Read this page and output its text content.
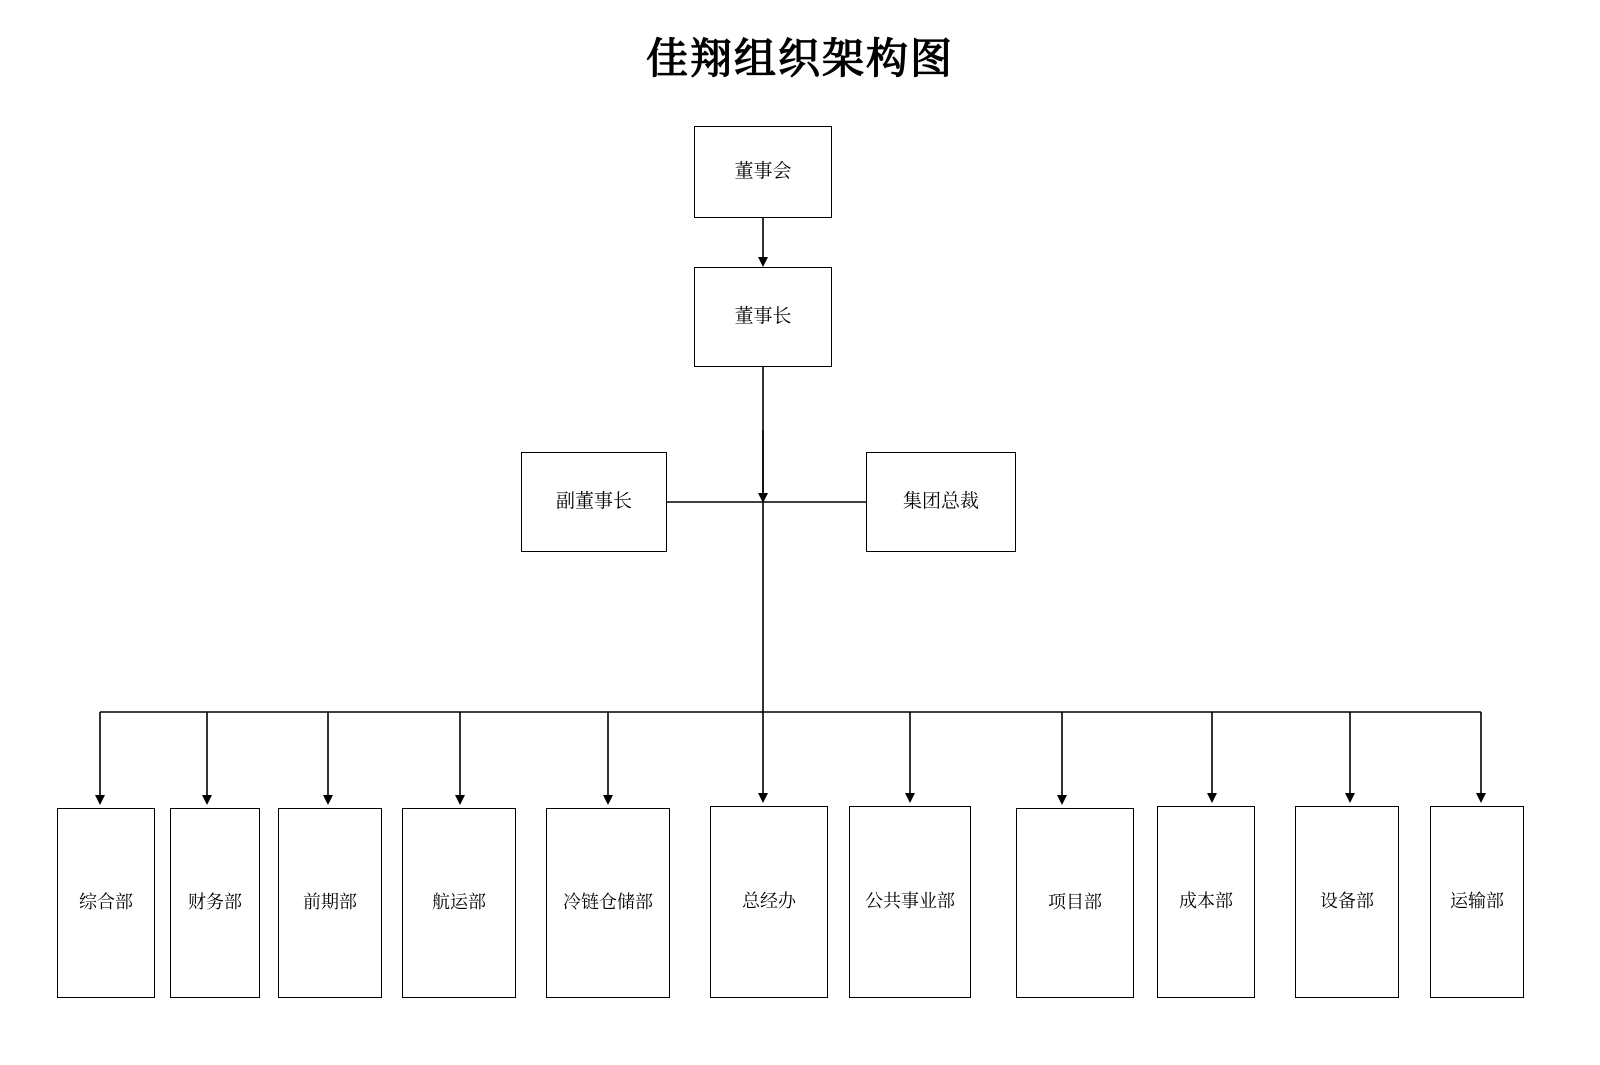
佳翔组织架构图
董事会
董事长
副董事长	集团总裁
综合部	财务部	前期部	航运部	冷链仓储部	总经办	公共事业部	项目部	成本部	设备部	运输部
